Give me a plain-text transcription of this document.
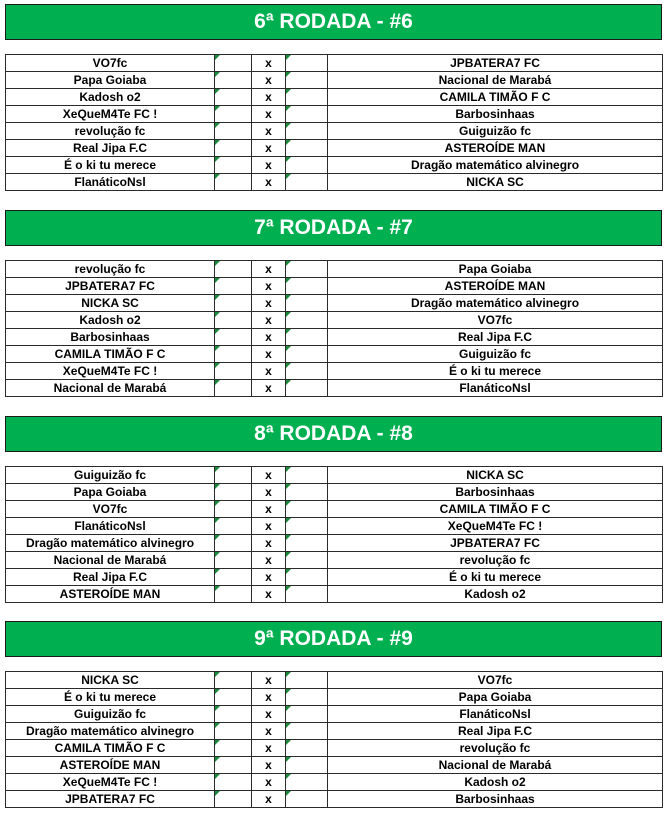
6ª RODADA - #6
VO7fc		x		JPBATERA7 FC
Papa Goiaba		x		Nacional de Marabá
Kadosh o2		x		CAMILA TIMÃO F C
XeQueM4Te FC !		x		Barbosinhaas
revolução fc		x		Guiguizão fc
Real Jipa F.C		x		ASTEROÍDE MAN
É o ki tu merece		x		Dragão matemático alvinegro
FlanáticoNsl		x		NICKA SC
7ª RODADA - #7
revolução fc		x		Papa Goiaba
JPBATERA7 FC		x		ASTEROÍDE MAN
NICKA SC		x		Dragão matemático alvinegro
Kadosh o2		x		VO7fc
Barbosinhaas		x		Real Jipa F.C
CAMILA TIMÃO F C		x		Guiguizão fc
XeQueM4Te FC !		x		É o ki tu merece
Nacional de Marabá		x		FlanáticoNsl
8ª RODADA - #8
Guiguizão fc		x		NICKA SC
Papa Goiaba		x		Barbosinhaas
VO7fc		x		CAMILA TIMÃO F C
FlanáticoNsl		x		XeQueM4Te FC !
Dragão matemático alvinegro		x		JPBATERA7 FC
Nacional de Marabá		x		revolução fc
Real Jipa F.C		x		É o ki tu merece
ASTEROÍDE MAN		x		Kadosh o2
9ª RODADA - #9
NICKA SC		x		VO7fc
É o ki tu merece		x		Papa Goiaba
Guiguizão fc		x		FlanáticoNsl
Dragão matemático alvinegro		x		Real Jipa F.C
CAMILA TIMÃO F C		x		revolução fc
ASTEROÍDE MAN		x		Nacional de Marabá
XeQueM4Te FC !		x		Kadosh o2
JPBATERA7 FC		x		Barbosinhaas
